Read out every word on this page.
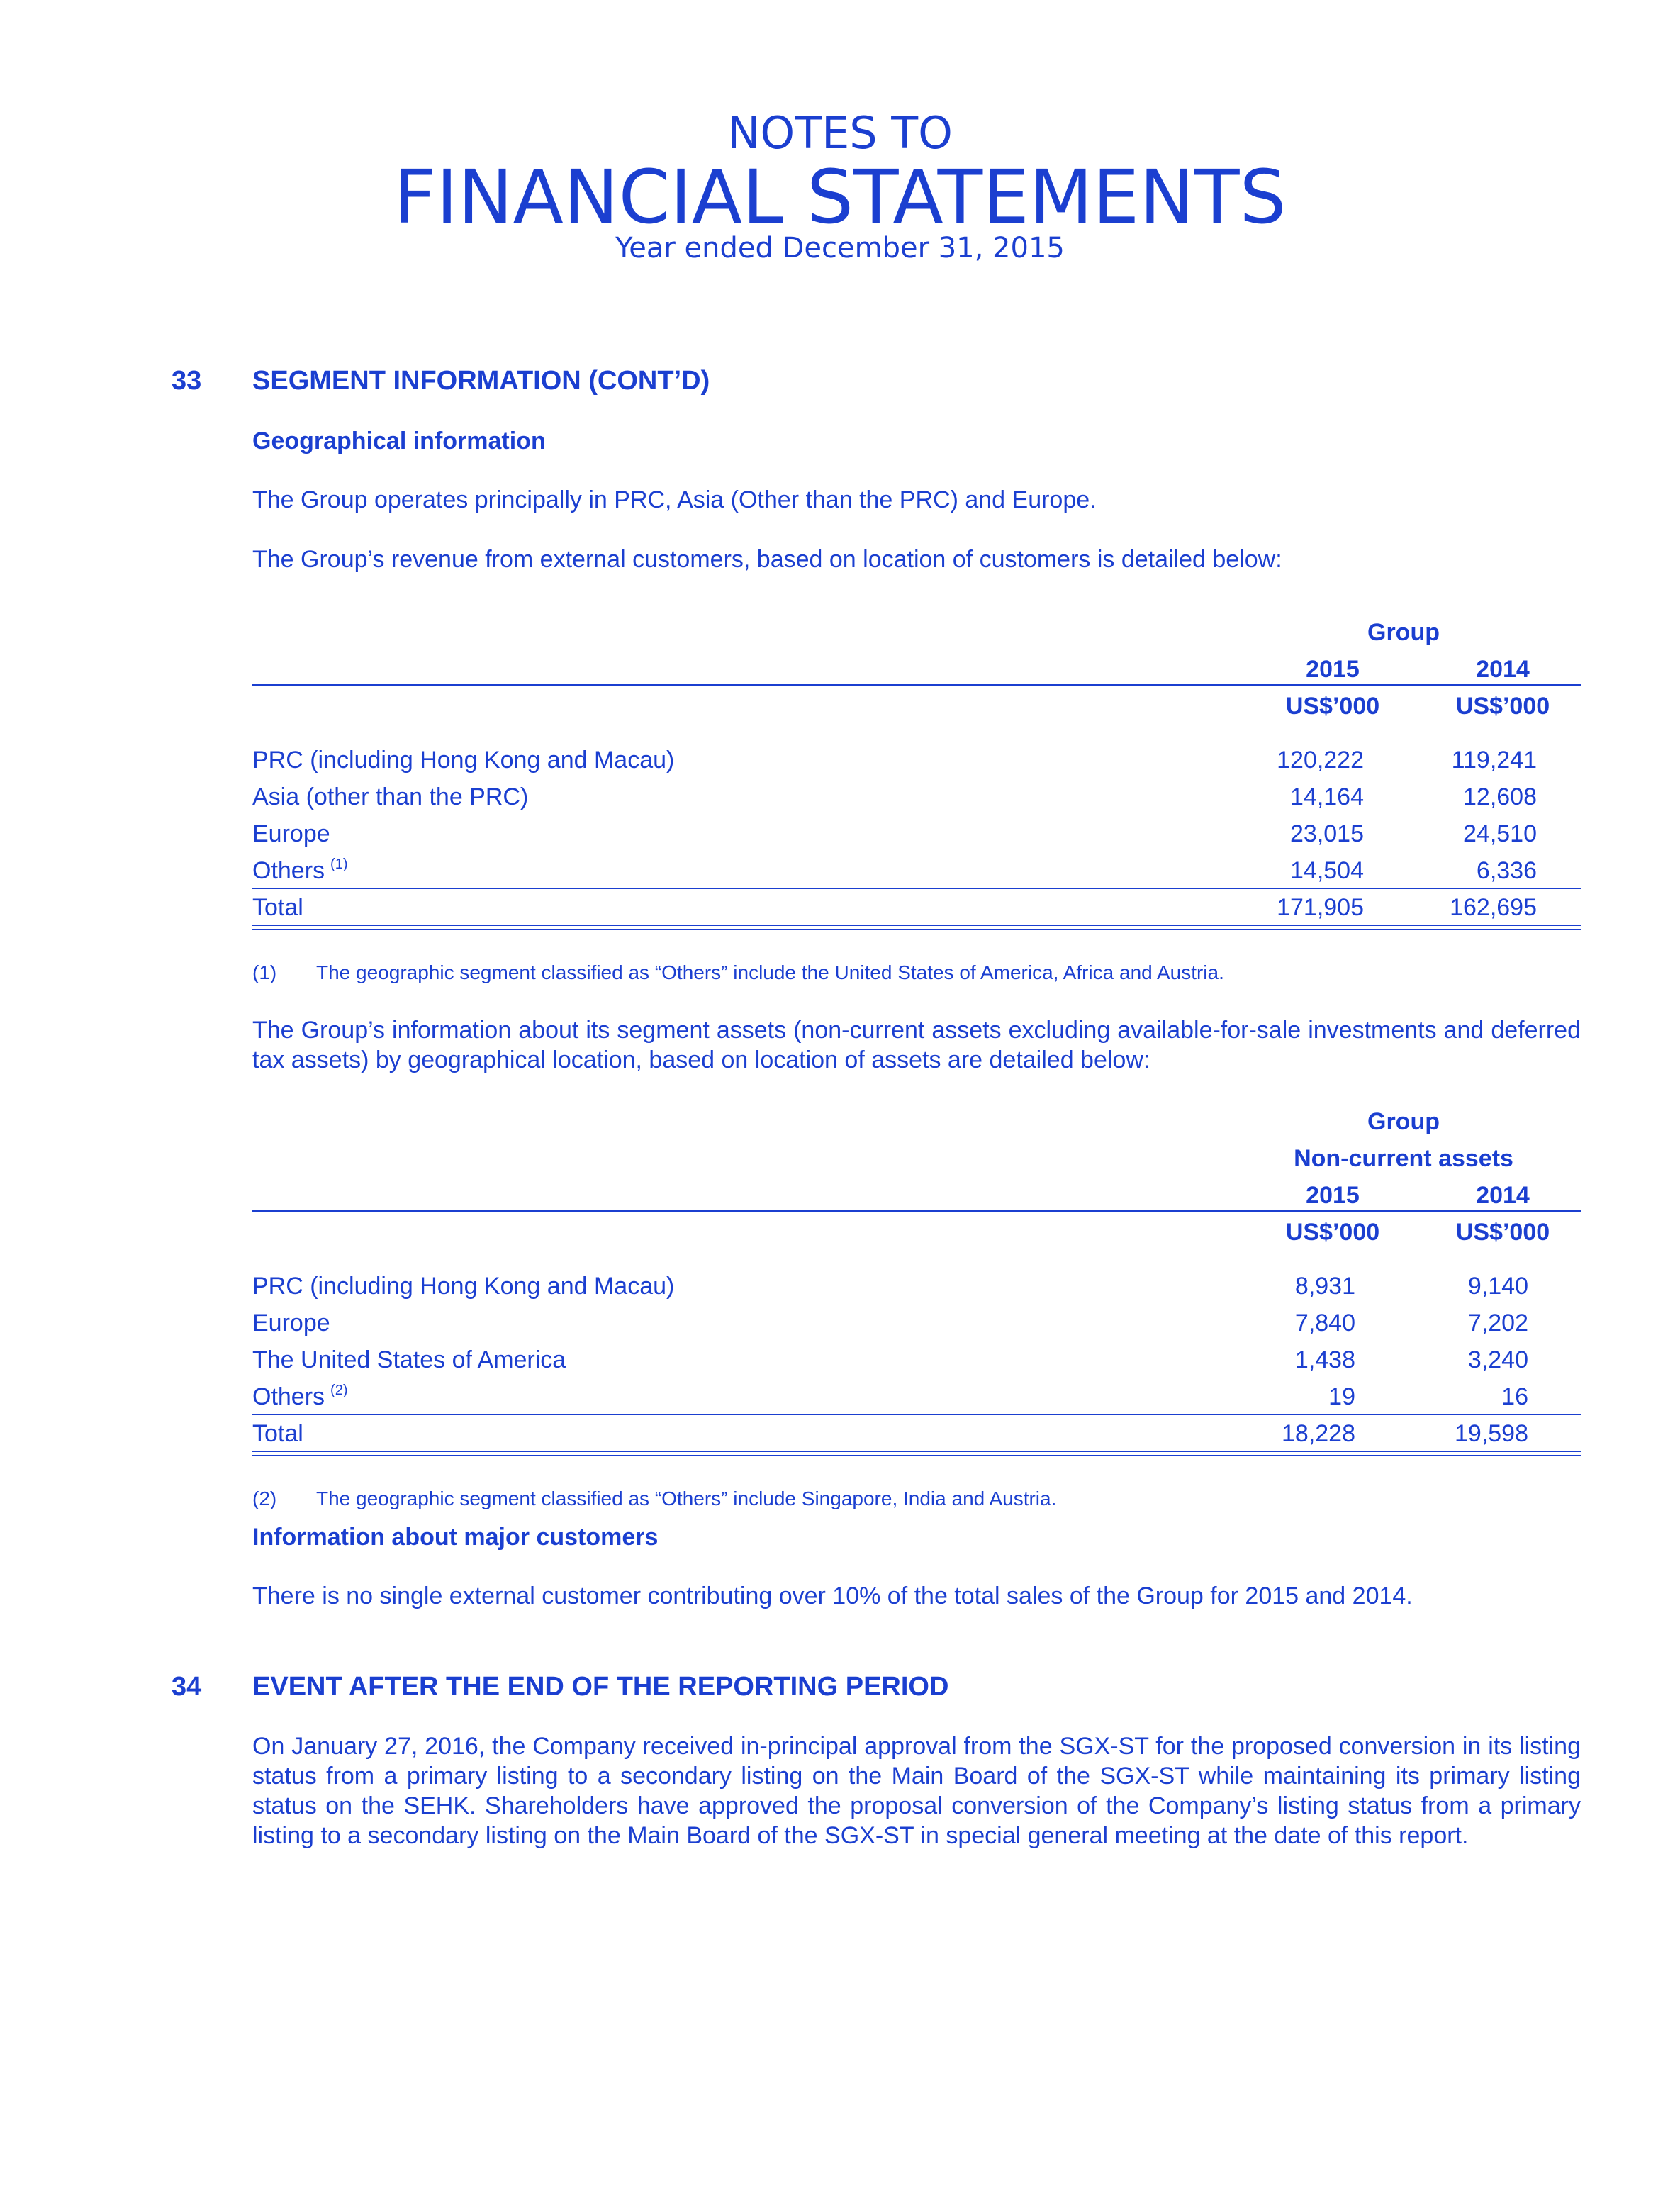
NOTES TO
FINANCIAL STATEMENTS
Year ended December 31, 2015
33 SEGMENT INFORMATION (CONT’D)
Geographical information
The Group operates principally in PRC, Asia (Other than the PRC) and Europe.
The Group’s revenue from external customers, based on location of customers is detailed below:
Group
2015	2014
US$’000	US$’000
PRC (including Hong Kong and Macau)	120,222	119,241
Asia (other than the PRC)	14,164	12,608
Europe	23,015	24,510
Others $^{(1)}$	14,504	6,336
Total	171,905	162,695
(1) The geographic segment classified as “Others” include the United States of America, Africa and Austria.
The Group’s information about its segment assets (non-current assets excluding available-for-sale investments and deferred tax assets) by geographical location, based on location of assets are detailed below:
Group
Non-current assets
2015	2014
US$’000	US$’000
PRC (including Hong Kong and Macau)	8,931	9,140
Europe	7,840	7,202
The United States of America	1,438	3,240
Others $^{(2)}$	19	16
Total	18,228	19,598
(2) The geographic segment classified as “Others” include Singapore, India and Austria.
Information about major customers
There is no single external customer contributing over 10% of the total sales of the Group for 2015 and 2014.
34 EVENT AFTER THE END OF THE REPORTING PERIOD
On January 27, 2016, the Company received in-principal approval from the SGX-ST for the proposed conversion in its listing status from a primary listing to a secondary listing on the Main Board of the SGX-ST while maintaining its primary listing status on the SEHK. Shareholders have approved the proposal conversion of the Company’s listing status from a primary listing to a secondary listing on the Main Board of the SGX-ST in special general meeting at the date of this report.
